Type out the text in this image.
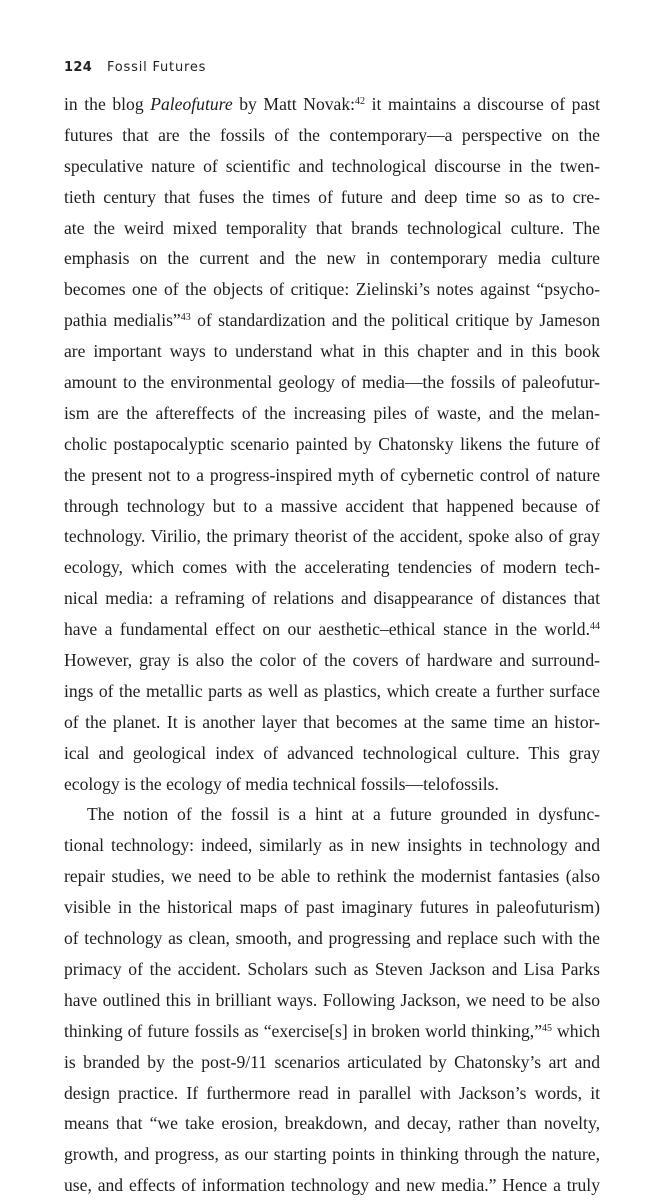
124 Fossil Futures
in the blog Paleofuture by Matt Novak:$^{42}$ it maintains a discourse of past
futures that are the fossils of the contemporary—a perspective on the
speculative nature of scientific and technological discourse in the twen-
tieth century that fuses the times of future and deep time so as to cre-
ate the weird mixed temporality that brands technological culture. The
emphasis on the current and the new in contemporary media culture
becomes one of the objects of critique: Zielinski’s notes against “psycho-
pathia medialis”$^{43}$ of standardization and the political critique by Jameson
are important ways to understand what in this chapter and in this book
amount to the environmental geology of media—the fossils of paleofutur-
ism are the aftereffects of the increasing piles of waste, and the melan-
cholic postapocalyptic scenario painted by Chatonsky likens the future of
the present not to a progress-inspired myth of cybernetic control of nature
through technology but to a massive accident that happened because of
technology. Virilio, the primary theorist of the accident, spoke also of gray
ecology, which comes with the accelerating tendencies of modern tech-
nical media: a reframing of relations and disappearance of distances that
have a fundamental effect on our aesthetic–ethical stance in the world.$^{44}$
However, gray is also the color of the covers of hardware and surround-
ings of the metallic parts as well as plastics, which create a further surface
of the planet. It is another layer that becomes at the same time an histor-
ical and geological index of advanced technological culture. This gray
ecology is the ecology of media technical fossils—telofossils.
The notion of the fossil is a hint at a future grounded in dysfunc-
tional technology: indeed, similarly as in new insights in technology and
repair studies, we need to be able to rethink the modernist fantasies (also
visible in the historical maps of past imaginary futures in paleofuturism)
of technology as clean, smooth, and progressing and replace such with the
primacy of the accident. Scholars such as Steven Jackson and Lisa Parks
have outlined this in brilliant ways. Following Jackson, we need to be also
thinking of future fossils as “exercise[s] in broken world thinking,”$^{45}$ which
is branded by the post-9/11 scenarios articulated by Chatonsky’s art and
design practice. If furthermore read in parallel with Jackson’s words, it
means that “we take erosion, breakdown, and decay, rather than novelty,
growth, and progress, as our starting points in thinking through the nature,
use, and effects of information technology and new media.” Hence a truly
